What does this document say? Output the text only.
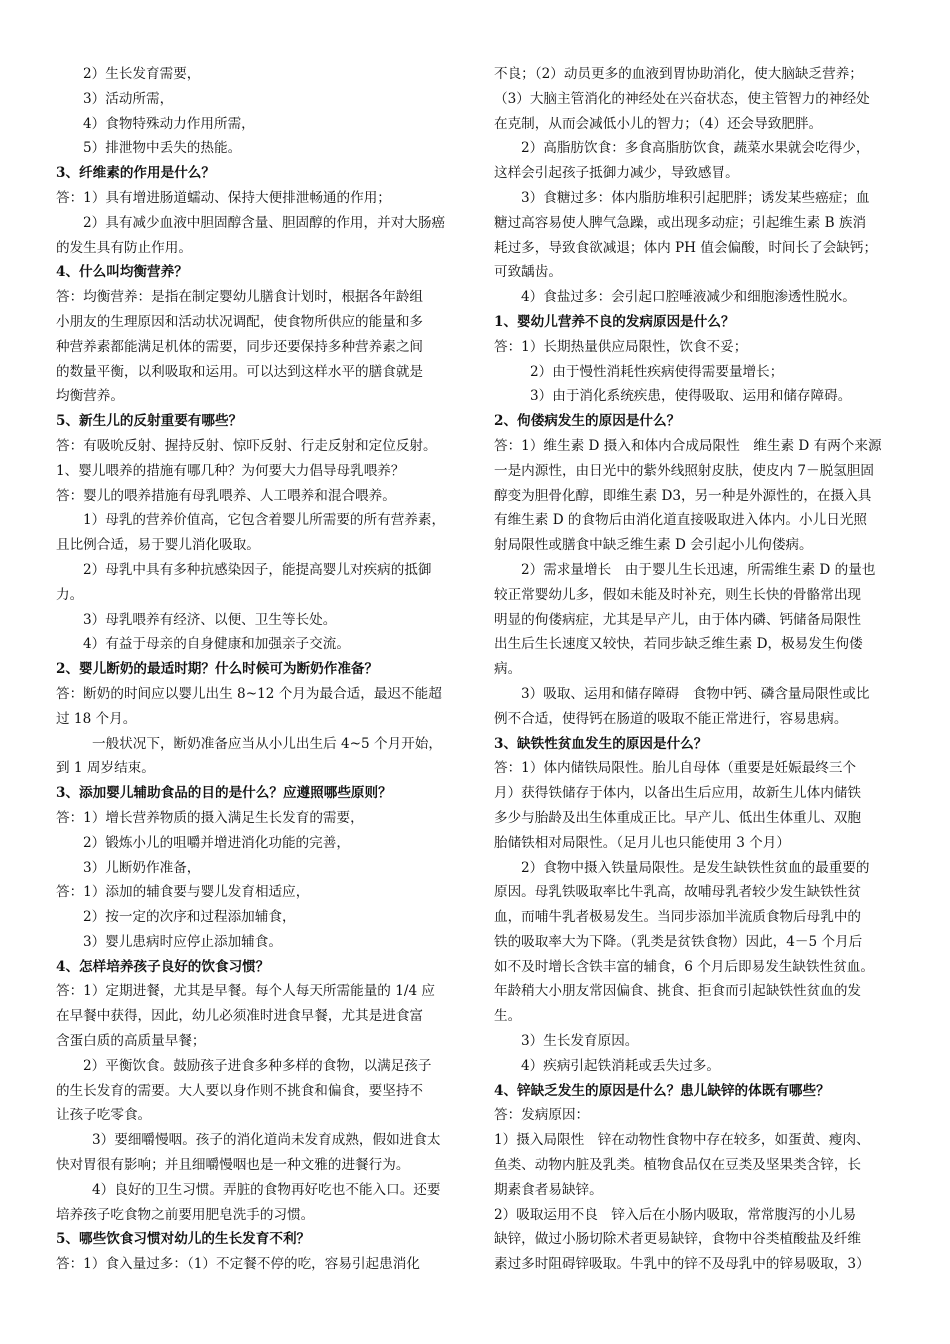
2）生长发育需要，
3）活动所需，
4）食物特殊动力作用所需，
5）排泄物中丢失的热能。
3、纤维素的作用是什么？
答：1）具有增进肠道蠕动、保持大便排泄畅通的作用；
2）具有减少血液中胆固醇含量、胆固醇的作用，并对大肠癌
的发生具有防止作用。
4、什么叫均衡营养？
答：均衡营养：是指在制定婴幼儿膳食计划时，根据各年龄组
小朋友的生理原因和活动状况调配，使食物所供应的能量和多
种营养素都能满足机体的需要，同步还要保持多种营养素之间
的数量平衡，以利吸取和运用。可以达到这样水平的膳食就是
均衡营养。
5、新生儿的反射重要有哪些？
答：有吸吮反射、握持反射、惊吓反射、行走反射和定位反射。
1、婴儿喂养的措施有哪几种？为何要大力倡导母乳喂养？
答：婴儿的喂养措施有母乳喂养、人工喂养和混合喂养。
1）母乳的营养价值高，它包含着婴儿所需要的所有营养素，
且比例合适，易于婴儿消化吸取。
2）母乳中具有多种抗感染因子，能提高婴儿对疾病的抵御
力。
3）母乳喂养有经济、以便、卫生等长处。
4）有益于母亲的自身健康和加强亲子交流。
2、婴儿断奶的最适时期？什么时候可为断奶作准备？
答：断奶的时间应以婴儿出生 8~12 个月为最合适，最迟不能超
过 18 个月。
一般状况下，断奶准备应当从小儿出生后 4~5 个月开始，
到 1 周岁结束。
3、添加婴儿辅助食品的目的是什么？应遵照哪些原则？
答：1）增长营养物质的摄入满足生长发育的需要，
2）锻炼小儿的咀嚼并增进消化功能的完善，
3）儿断奶作准备，
答：1）添加的辅食要与婴儿发育相适应，
2）按一定的次序和过程添加辅食，
3）婴儿患病时应停止添加辅食。
4、怎样培养孩子良好的饮食习惯？
答：1）定期进餐，尤其是早餐。每个人每天所需能量的 1/4 应
在早餐中获得，因此，幼儿必须准时进食早餐，尤其是进食富
含蛋白质的高质量早餐；
2）平衡饮食。鼓励孩子进食多种多样的食物，以满足孩子
的生长发育的需要。大人要以身作则不挑食和偏食，要坚持不
让孩子吃零食。
3）要细嚼慢咽。孩子的消化道尚未发育成熟，假如进食太
快对胃很有影响；并且细嚼慢咽也是一种文雅的进餐行为。
4）良好的卫生习惯。弄脏的食物再好吃也不能入口。还要
培养孩子吃食物之前要用肥皂洗手的习惯。
5、哪些饮食习惯对幼儿的生长发育不利？
答：1）食入量过多：（1）不定餐不停的吃，容易引起患消化
不良；（2）动员更多的血液到胃协助消化，使大脑缺乏营养；
（3）大脑主管消化的神经处在兴奋状态，使主管智力的神经处
在克制，从而会减低小儿的智力；（4）还会导致肥胖。
2）高脂肪饮食：多食高脂肪饮食，蔬菜水果就会吃得少，
这样会引起孩子抵御力减少，导致感冒。
3）食糖过多：体内脂肪堆积引起肥胖；诱发某些癌症；血
糖过高容易使人脾气急躁，或出现多动症；引起维生素 B 族消
耗过多，导致食欲减退；体内 PH 值会偏酸，时间长了会缺钙；
可致龋齿。
4）食盐过多：会引起口腔唾液减少和细胞渗透性脱水。
1、婴幼儿营养不良的发病原因是什么？
答：1）长期热量供应局限性，饮食不妥；
2）由于慢性消耗性疾病使得需要量增长；
3）由于消化系统疾患，使得吸取、运用和储存障碍。
2、佝偻病发生的原因是什么？
答：1）维生素 D 摄入和体内合成局限性　维生素 D 有两个来源
一是内源性，由日光中的紫外线照射皮肤，使皮内 7－脱氢胆固
醇变为胆骨化醇，即维生素 D3，另一种是外源性的，在摄入具
有维生素 D 的食物后由消化道直接吸取进入体内。小儿日光照
射局限性或膳食中缺乏维生素 D 会引起小儿佝偻病。
2）需求量增长　由于婴儿生长迅速，所需维生素 D 的量也
较正常婴幼儿多，假如未能及时补充，则生长快的骨骼常出现
明显的佝偻病症，尤其是早产儿，由于体内磷、钙储备局限性
出生后生长速度又较快，若同步缺乏维生素 D，极易发生佝偻
病。
3）吸取、运用和储存障碍　食物中钙、磷含量局限性或比
例不合适，使得钙在肠道的吸取不能正常进行，容易患病。
3、缺铁性贫血发生的原因是什么？
答：1）体内储铁局限性。胎儿自母体（重要是妊娠最终三个
月）获得铁储存于体内，以备出生后应用，故新生儿体内储铁
多少与胎龄及出生体重成正比。早产儿、低出生体重儿、双胞
胎储铁相对局限性。（足月儿也只能使用 3 个月）
2）食物中摄入铁量局限性。是发生缺铁性贫血的最重要的
原因。母乳铁吸取率比牛乳高，故哺母乳者较少发生缺铁性贫
血，而哺牛乳者极易发生。当同步添加半流质食物后母乳中的
铁的吸取率大为下降。（乳类是贫铁食物）因此，4－5 个月后
如不及时增长含铁丰富的辅食，6 个月后即易发生缺铁性贫血。
年龄稍大小朋友常因偏食、挑食、拒食而引起缺铁性贫血的发
生。
3）生长发育原因。
4）疾病引起铁消耗或丢失过多。
4、锌缺乏发生的原因是什么？患儿缺锌的体既有哪些？
答：发病原因：
1）摄入局限性　锌在动物性食物中存在较多，如蛋黄、瘦肉、
鱼类、动物内脏及乳类。植物食品仅在豆类及坚果类含锌，长
期素食者易缺锌。
2）吸取运用不良　锌入后在小肠内吸取，常常腹泻的小儿易
缺锌，做过小肠切除术者更易缺锌，食物中谷类植酸盐及纤维
素过多时阻碍锌吸取。牛乳中的锌不及母乳中的锌易吸取，3）
